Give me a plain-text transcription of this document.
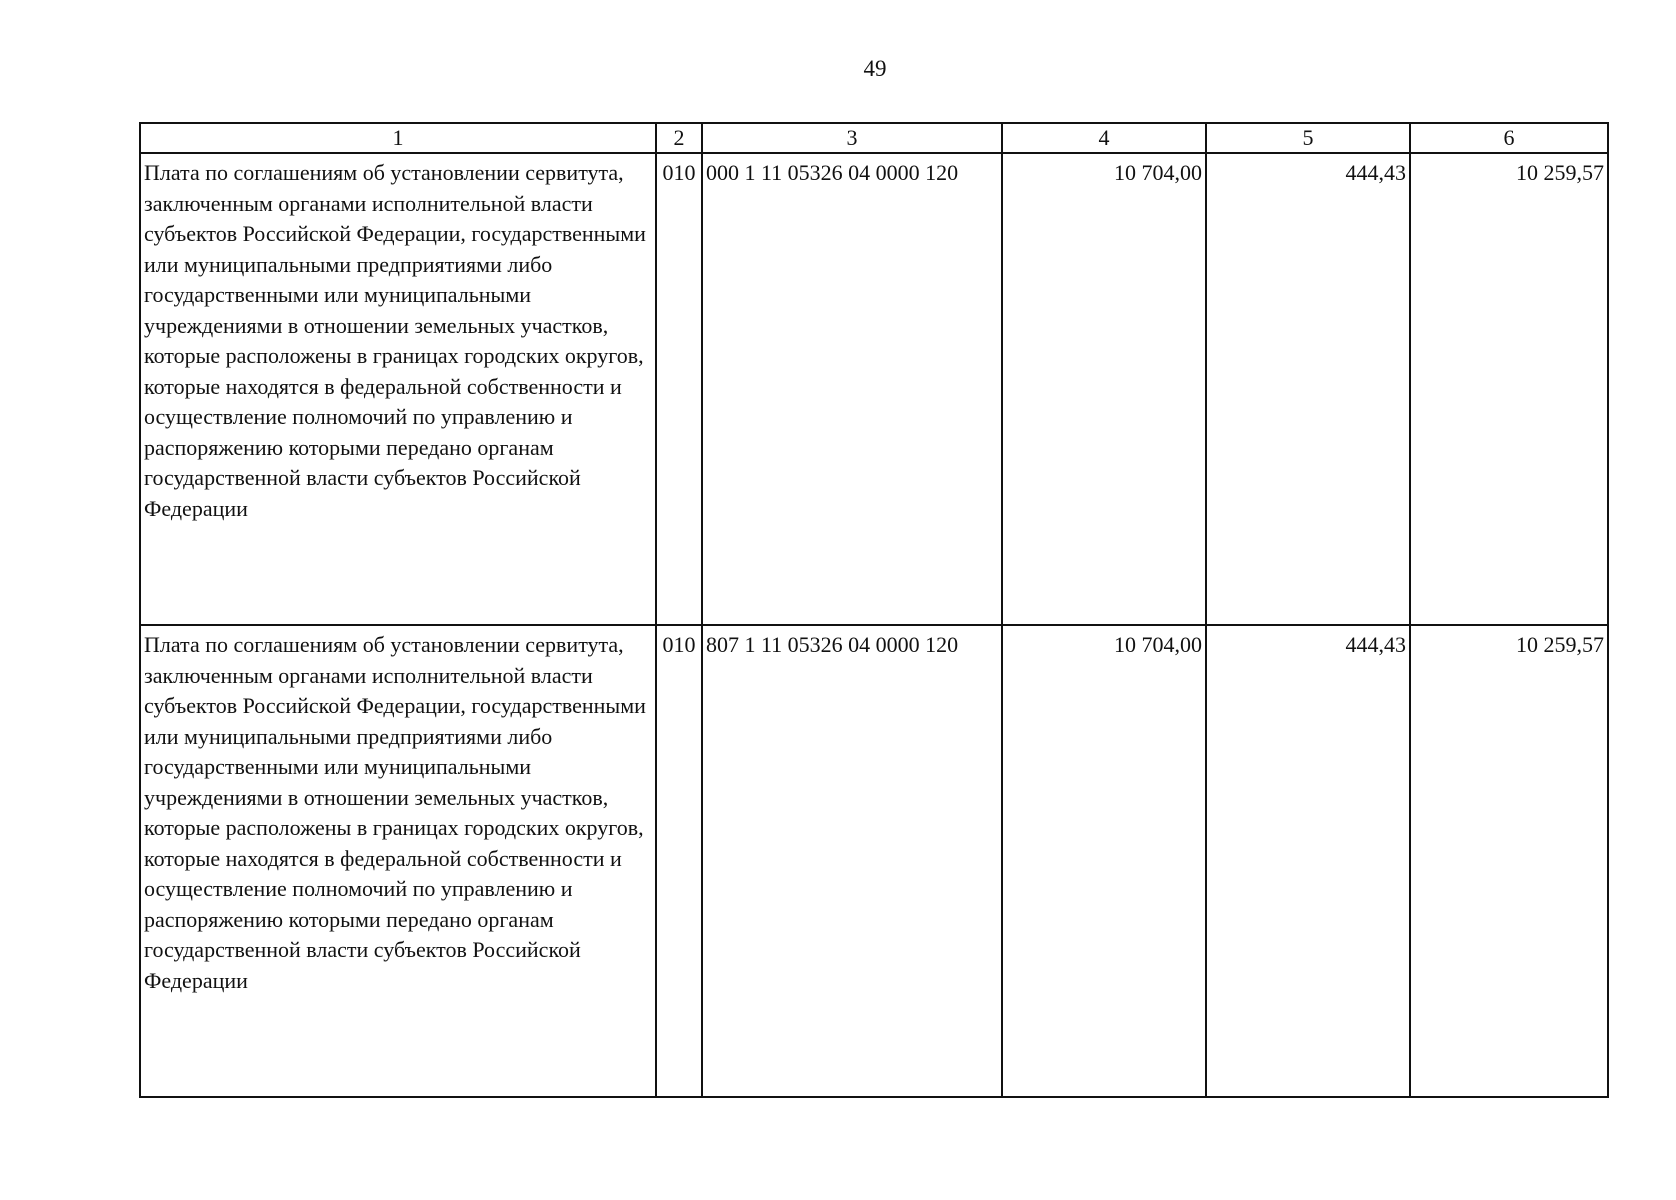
49
1	2	3	4	5	6
Плата по соглашениям об установлении сервитута, заключенным органами исполнительной власти субъектов Российской Федерации, государственными или муниципальными предприятиями либо государственными или муниципальными учреждениями в отношении земельных участков, которые расположены в границах городских округов, которые находятся в федеральной собственности и осуществление полномочий по управлению и распоряжению которыми передано органам государственной власти субъектов Российской Федерации	010	000 1 11 05326 04 0000 120	10 704,00	444,43	10 259,57
Плата по соглашениям об установлении сервитута, заключенным органами исполнительной власти субъектов Российской Федерации, государственными или муниципальными предприятиями либо государственными или муниципальными учреждениями в отношении земельных участков, которые расположены в границах городских округов, которые находятся в федеральной собственности и осуществление полномочий по управлению и распоряжению которыми передано органам государственной власти субъектов Российской Федерации	010	807 1 11 05326 04 0000 120	10 704,00	444,43	10 259,57
